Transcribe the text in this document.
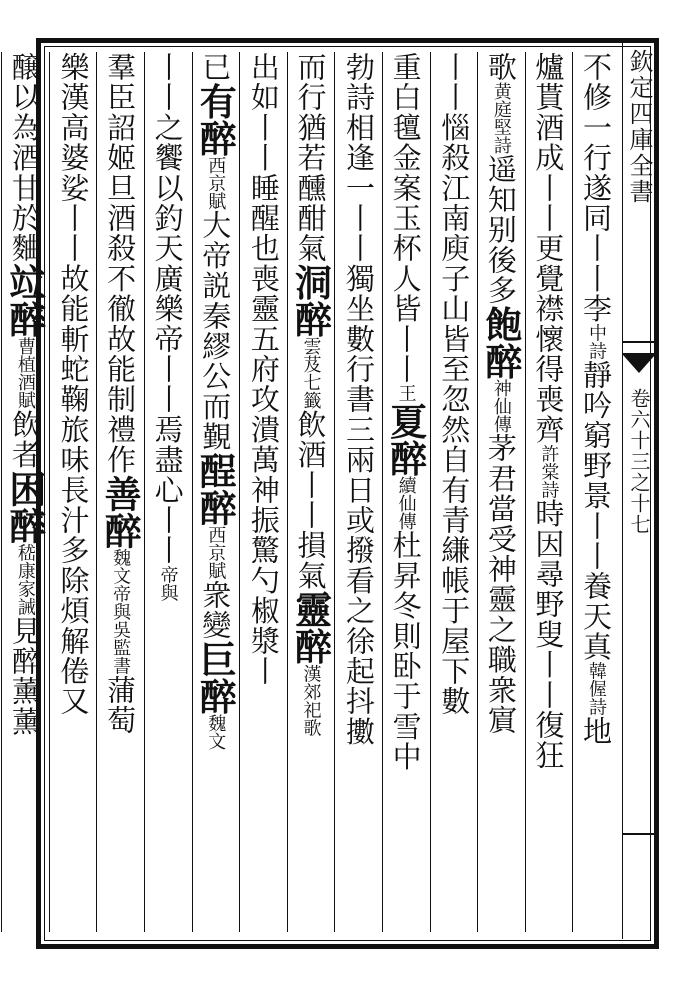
欽定四庫全書
卷六十三之十七
不修一行遂同丨丨李中詩靜吟窮野景丨丨養天真韓偓詩地
爐貰酒成丨丨更覺襟懷得喪齊許棠詩時因尋野叟丨丨復狂
歌黄庭堅詩遥知别後多飽醉神仙傳茅君當受神靈之職衆賔
丨丨惱殺江南庾子山皆至忽然自有青縑帳于屋下數
重白氊金案玉杯人皆丨丨王夏醉續仙傳杜昇冬則卧于雪中
勃詩相逢一丨丨獨坐數行書三兩日或撥看之徐起抖擻
而行猶若醺酣氣洞醉雲芨七籤飲酒丨丨損氣靈醉漢郊祀歌
出如丨丨睡醒也喪靈五府攻潰萬神振驚勺椒漿丨
已有醉西京賦大帝説秦繆公而覲酲醉西京賦衆變巨醉魏文
丨丨之饗以釣天廣樂帝丨丨焉盡心丨丨帝與
羣臣詔姬旦酒殺不徹故能制禮作善醉魏文帝與吳監書蒲萄
樂漢高婆娑丨丨故能斬蛇鞠旅味長汁多除煩解倦又
醸以為酒甘於麯竝醉曹植酒賦飲者困醉嵇康家誡見醉薰薰
